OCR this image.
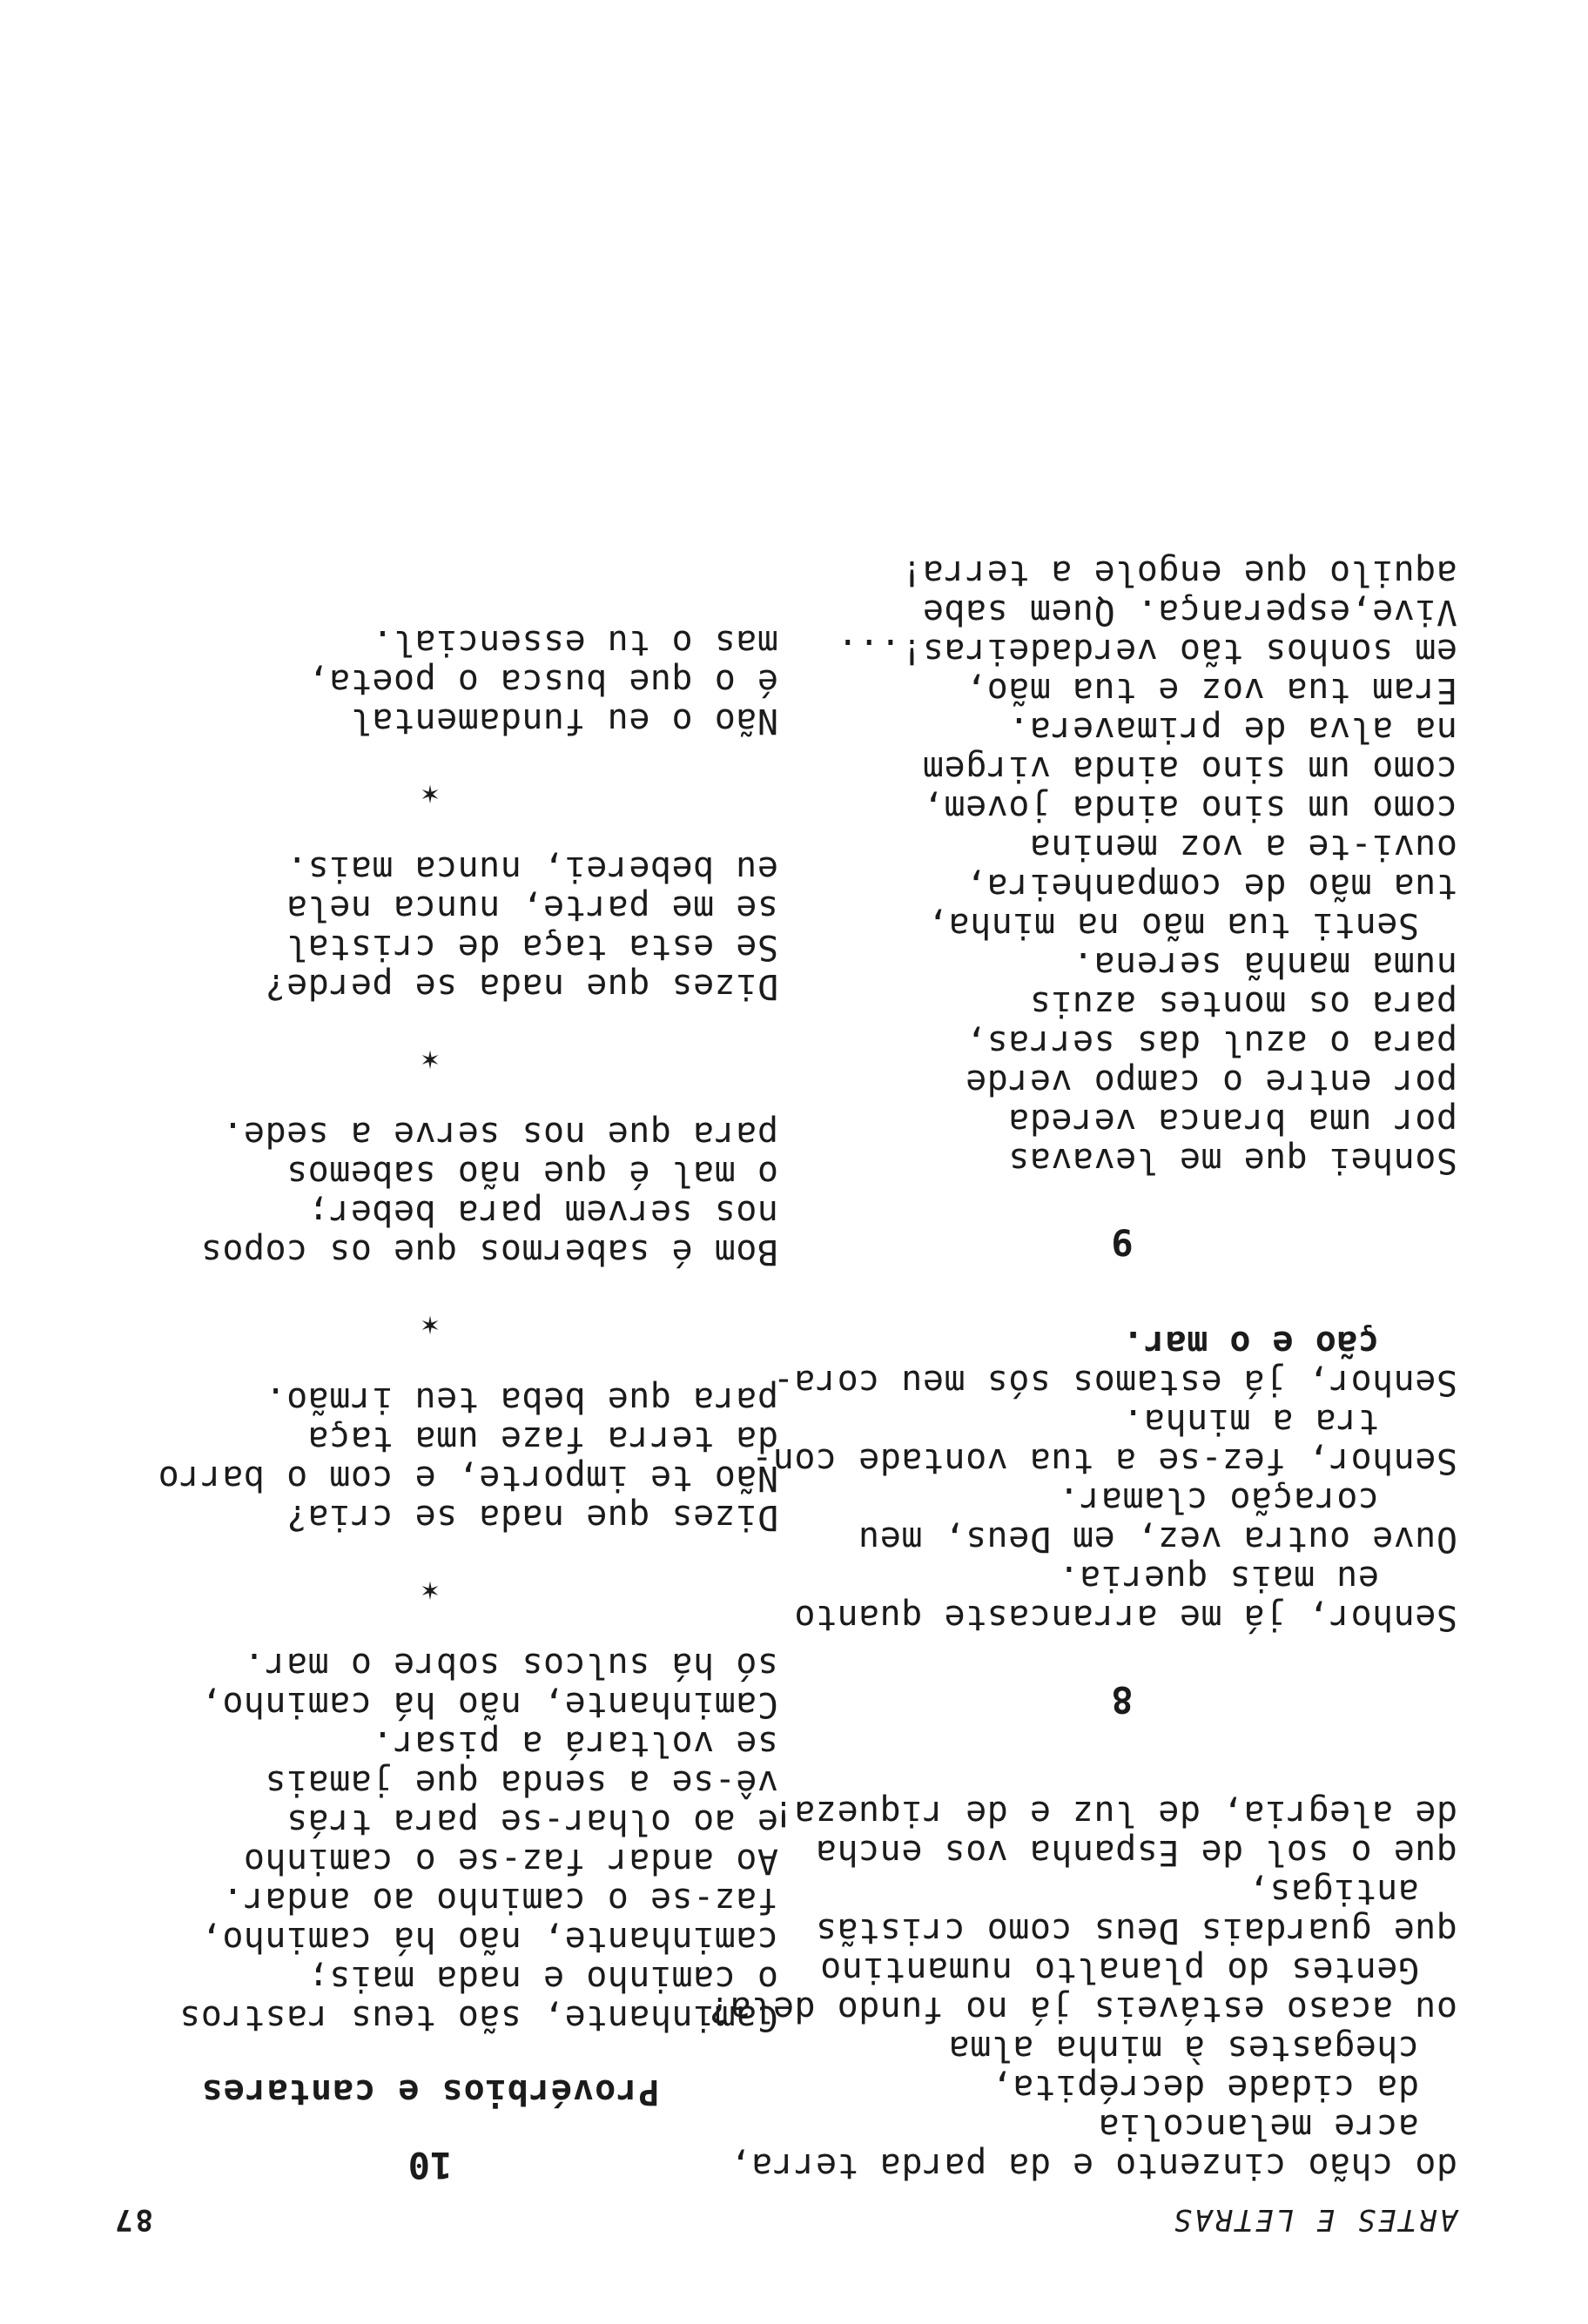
ARTES E LETRAS
87
do chão cinzento e da parda terra,
acre melancolia
da cidade decrépita,
chegastes à minha alma
ou acaso estáveis já no fundo dela?
Gentes do planalto numantino
que guardais Deus como cristãs
antigas,
que o sol de Espanha vos encha
de alegria, de luz e de riqueza!
8
Senhor, já me arrancaste quanto
eu mais queria.
Ouve outra vez, em Deus, meu
coração clamar.
Senhor, fez-se a tua vontade con-
tra a minha.
Senhor, já estamos sós meu cora-
ção e o mar.
9
Sonhei que me levavas
por uma branca vereda
por entre o campo verde
para o azul das serras,
para os montes azuis
numa manhã serena.
Senti tua mão na minha,
tua mão de companheira,
ouvi-te a voz menina
como um sino ainda jovem,
como um sino ainda virgem
na alva de primavera.
Eram tua voz e tua mão,
em sonhos tão verdadeiras!...
Vive,esperança. Quem sabe
aquilo que engole a terra!
10
Provérbios e cantares
Caminhante, são teus rastros
o caminho e nada mais;
caminhante, não há caminho,
faz-se o caminho ao andar.
Ao andar faz-se o caminho
e ao olhar-se para trás
vê-se a senda que jamais
se voltará a pisar.
Caminhante, não há caminho,
só há sulcos sobre o mar.
✶
Dizes que nada se cria?
Não te importe, e com o barro
da terra faze uma taça
para que beba teu irmão.
✶
Bom é sabermos que os copos
nos servem para beber;
o mal é que não sabemos
para que nos serve a sede.
✶
Dizes que nada se perde?
Se esta taça de cristal
se me parte, nunca nela
eu beberei, nunca mais.
✶
Não o eu fundamental
é o que busca o poeta,
mas o tu essencial.
